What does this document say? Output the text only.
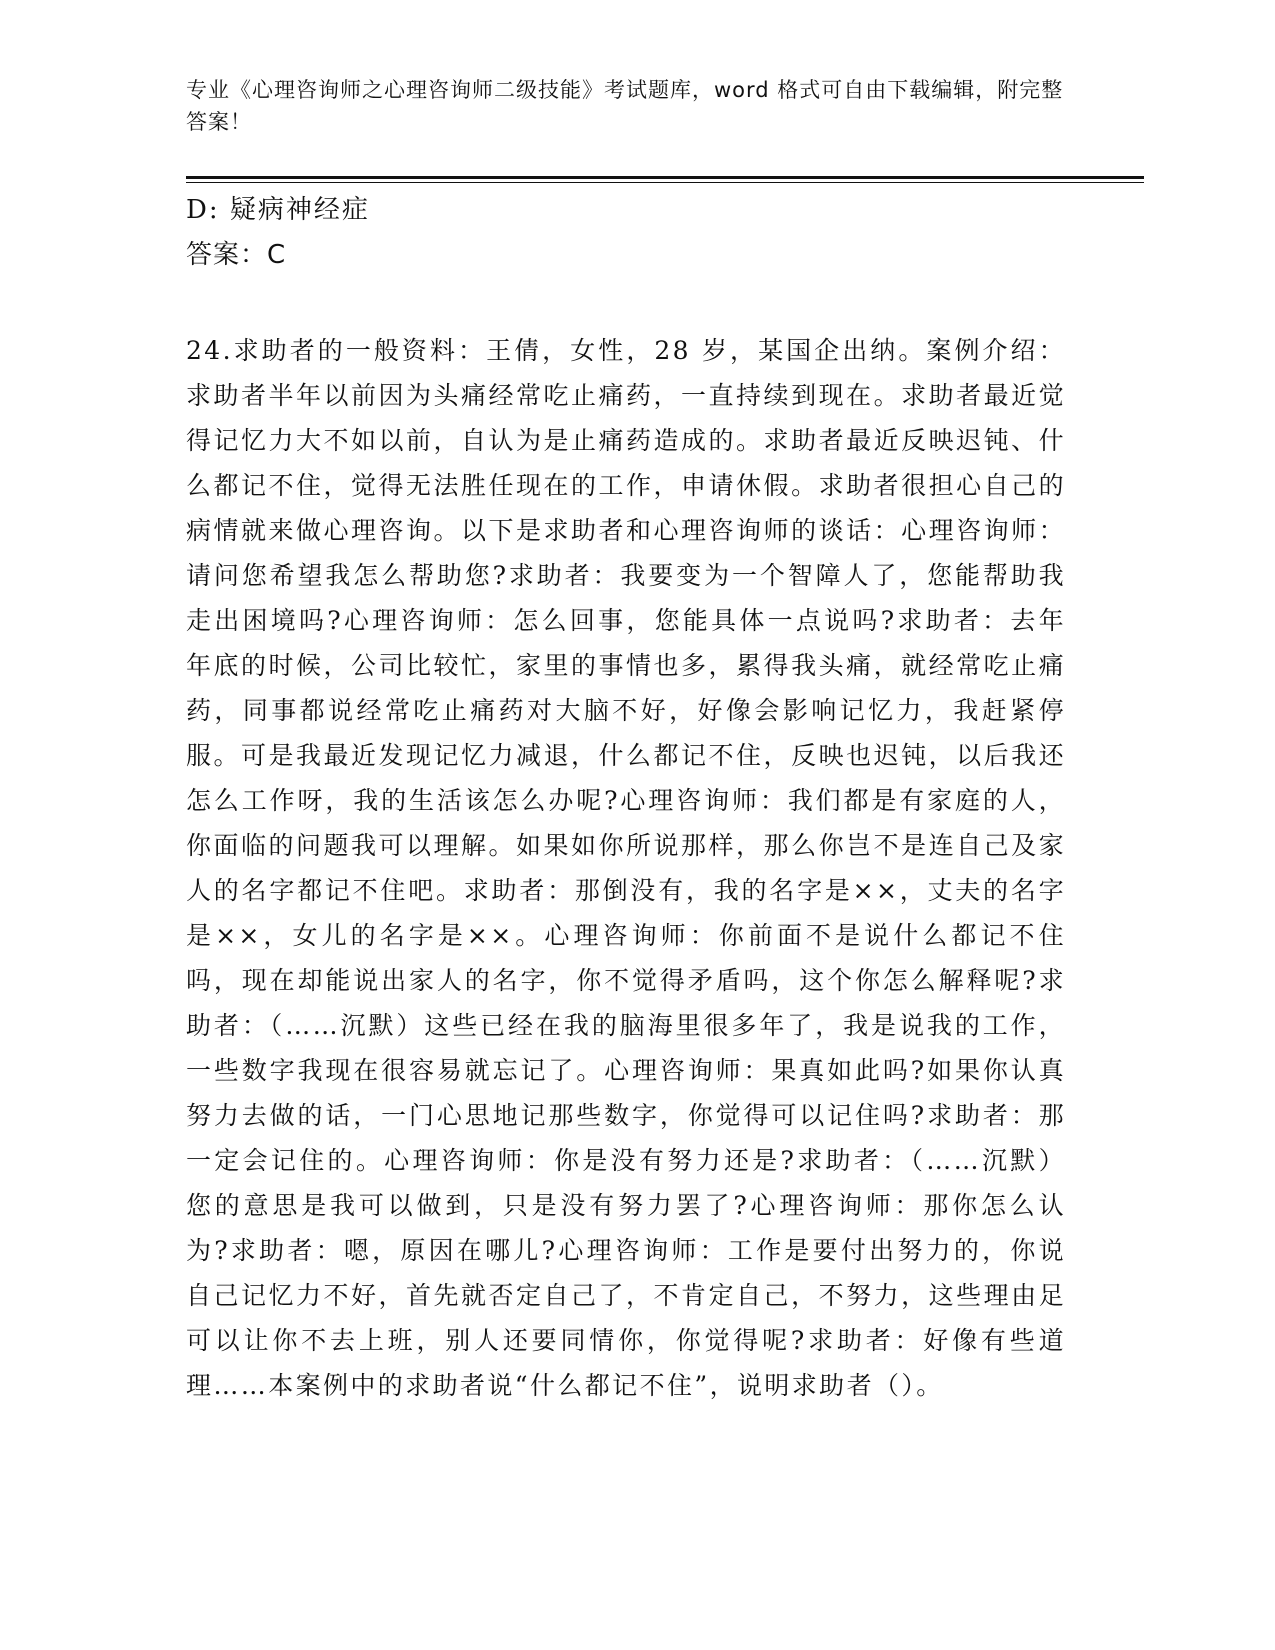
专业《心理咨询师之心理咨询师二级技能》考试题库，word 格式可自由下载编辑，附完整答案！
D: 疑病神经症
答案：C
24.求助者的一般资料：王倩，女性，28 岁，某国企出纳。案例介绍：求助者半年以前因为头痛经常吃止痛药，一直持续到现在。求助者最近觉得记忆力大不如以前，自认为是止痛药造成的。求助者最近反映迟钝、什么都记不住，觉得无法胜任现在的工作，申请休假。求助者很担心自己的病情就来做心理咨询。以下是求助者和心理咨询师的谈话：心理咨询师：请问您希望我怎么帮助您?求助者：我要变为一个智障人了，您能帮助我走出困境吗?心理咨询师：怎么回事，您能具体一点说吗?求助者：去年年底的时候，公司比较忙，家里的事情也多，累得我头痛，就经常吃止痛药，同事都说经常吃止痛药对大脑不好，好像会影响记忆力，我赶紧停服。可是我最近发现记忆力减退，什么都记不住，反映也迟钝，以后我还怎么工作呀，我的生活该怎么办呢?心理咨询师：我们都是有家庭的人，你面临的问题我可以理解。如果如你所说那样，那么你岂不是连自己及家人的名字都记不住吧。求助者：那倒没有，我的名字是××，丈夫的名字是××，女儿的名字是××。心理咨询师：你前面不是说什么都记不住吗，现在却能说出家人的名字，你不觉得矛盾吗，这个你怎么解释呢?求助者：（……沉默）这些已经在我的脑海里很多年了，我是说我的工作，一些数字我现在很容易就忘记了。心理咨询师：果真如此吗?如果你认真努力去做的话，一门心思地记那些数字，你觉得可以记住吗?求助者：那一定会记住的。心理咨询师：你是没有努力还是?求助者：（……沉默）您的意思是我可以做到，只是没有努力罢了?心理咨询师：那你怎么认为?求助者：嗯，原因在哪儿?心理咨询师：工作是要付出努力的，你说自己记忆力不好，首先就否定自己了，不肯定自己，不努力，这些理由足可以让你不去上班，别人还要同情你，你觉得呢?求助者：好像有些道理……本案例中的求助者说“什么都记不住”，说明求助者（）。
